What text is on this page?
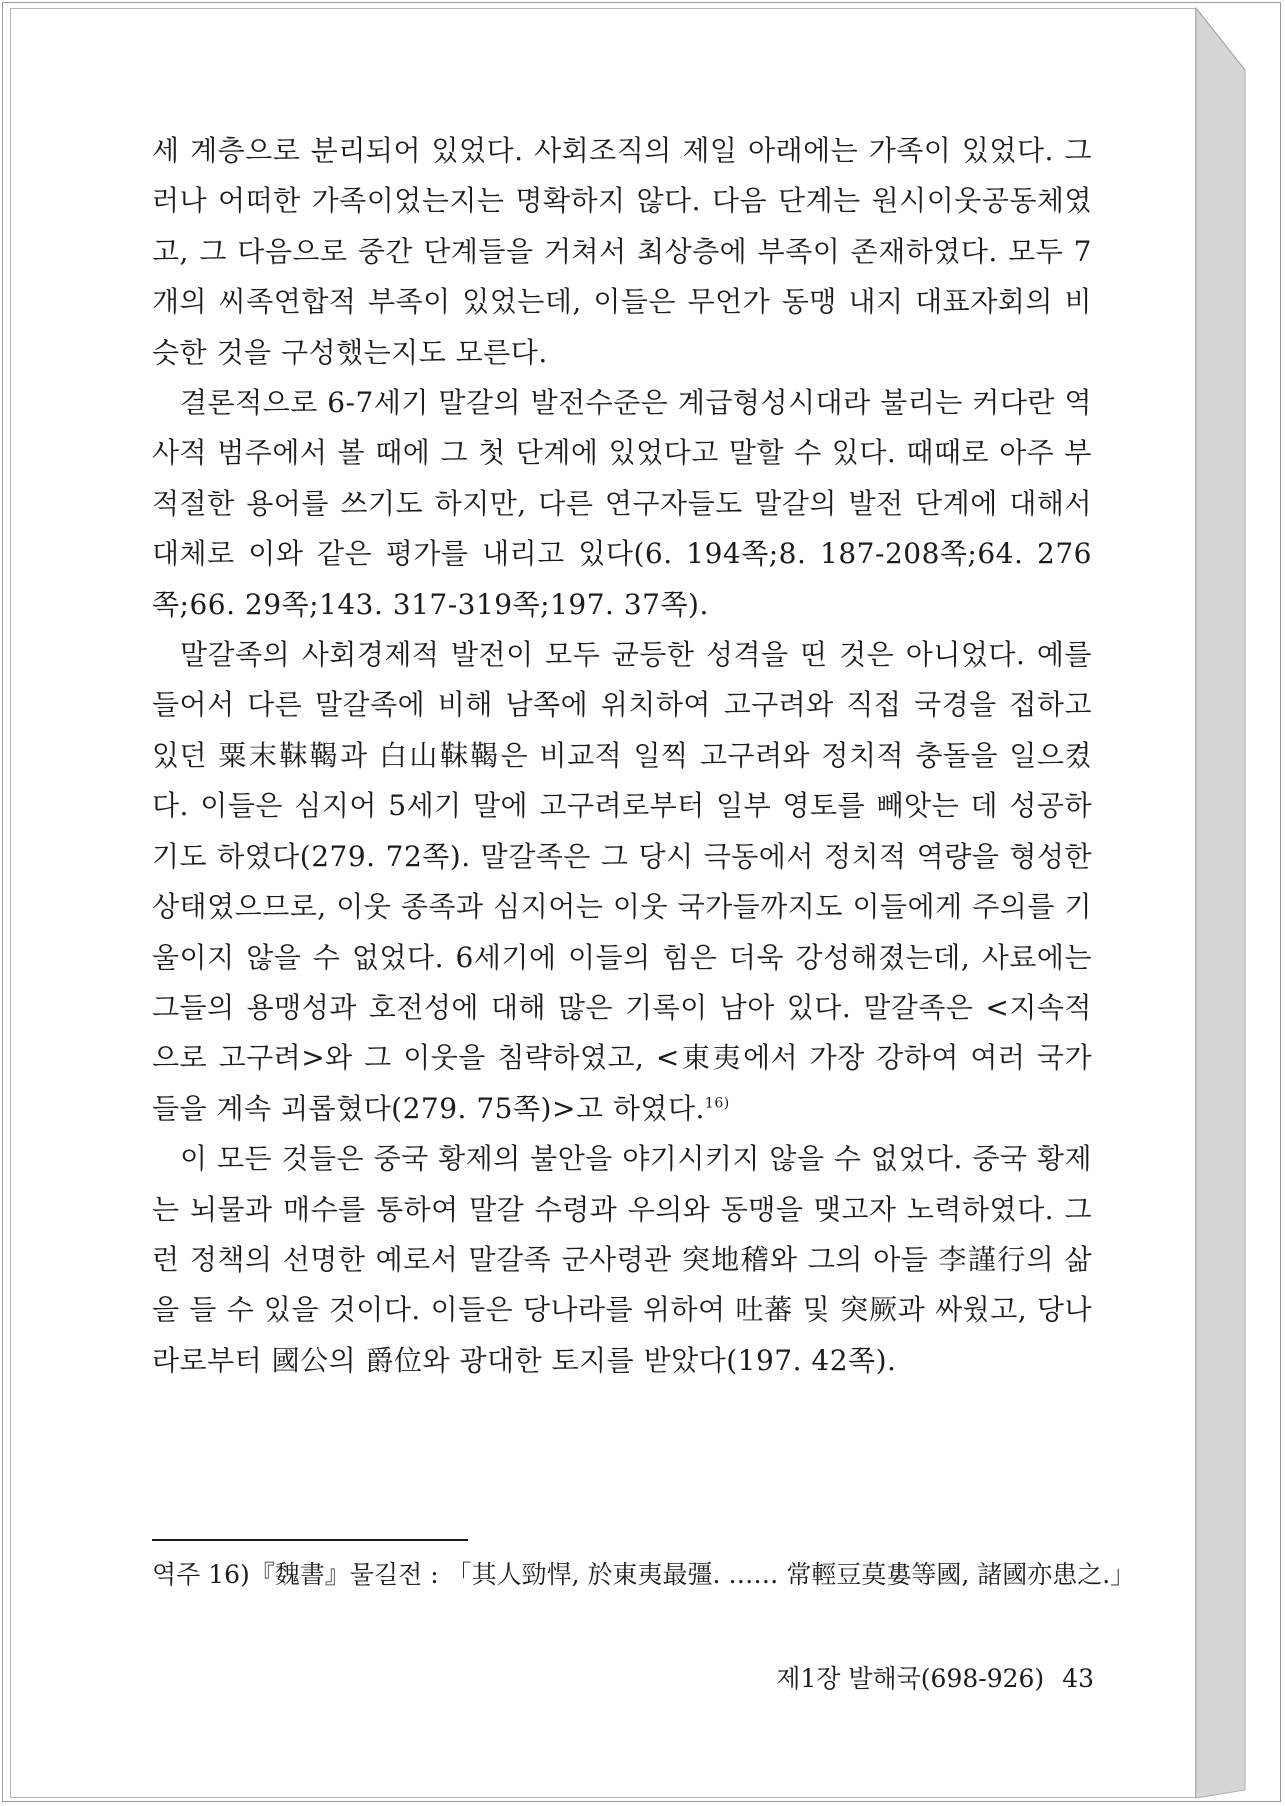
세 계층으로 분리되어 있었다. 사회조직의 제일 아래에는 가족이 있었다. 그러나 어떠한 가족이었는지는 명확하지 않다. 다음 단계는 원시이웃공동체였고, 그 다음으로 중간 단계들을 거쳐서 최상층에 부족이 존재하였다. 모두 7개의 씨족연합적 부족이 있었는데, 이들은 무언가 동맹 내지 대표자회의 비슷한 것을 구성했는지도 모른다.

결론적으로 6-7세기 말갈의 발전수준은 계급형성시대라 불리는 커다란 역사적 범주에서 볼 때에 그 첫 단계에 있었다고 말할 수 있다. 때때로 아주 부적절한 용어를 쓰기도 하지만, 다른 연구자들도 말갈의 발전 단계에 대해서 대체로 이와 같은 평가를 내리고 있다(6. 194쪽;8. 187-208쪽;64. 276쪽;66. 29쪽;143. 317-319쪽;197. 37쪽).

말갈족의 사회경제적 발전이 모두 균등한 성격을 띤 것은 아니었다. 예를 들어서 다른 말갈족에 비해 남쪽에 위치하여 고구려와 직접 국경을 접하고 있던 粟末靺鞨과 白山靺鞨은 비교적 일찍 고구려와 정치적 충돌을 일으켰다. 이들은 심지어 5세기 말에 고구려로부터 일부 영토를 빼앗는 데 성공하기도 하였다(279. 72쪽). 말갈족은 그 당시 극동에서 정치적 역량을 형성한 상태였으므로, 이웃 종족과 심지어는 이웃 국가들까지도 이들에게 주의를 기울이지 않을 수 없었다. 6세기에 이들의 힘은 더욱 강성해졌는데, 사료에는 그들의 용맹성과 호전성에 대해 많은 기록이 남아 있다. 말갈족은 <지속적으로 고구려>와 그 이웃을 침략하였고, <東夷에서 가장 강하여 여러 국가들을 계속 괴롭혔다(279. 75쪽)>고 하였다.$^{16)}$

이 모든 것들은 중국 황제의 불안을 야기시키지 않을 수 없었다. 중국 황제는 뇌물과 매수를 통하여 말갈 수령과 우의와 동맹을 맺고자 노력하였다. 그런 정책의 선명한 예로서 말갈족 군사령관 突地稽와 그의 아들 李謹行의 삶을 들 수 있을 것이다. 이들은 당나라를 위하여 吐蕃 및 突厥과 싸웠고, 당나라로부터 國公의 爵位와 광대한 토지를 받았다(197. 42쪽).

역주 16)『魏書』물길전 : 「其人勁悍, 於東夷最彊. …… 常輕豆莫婁等國, 諸國亦患之.」
제1장 발해국(698-926) 43
